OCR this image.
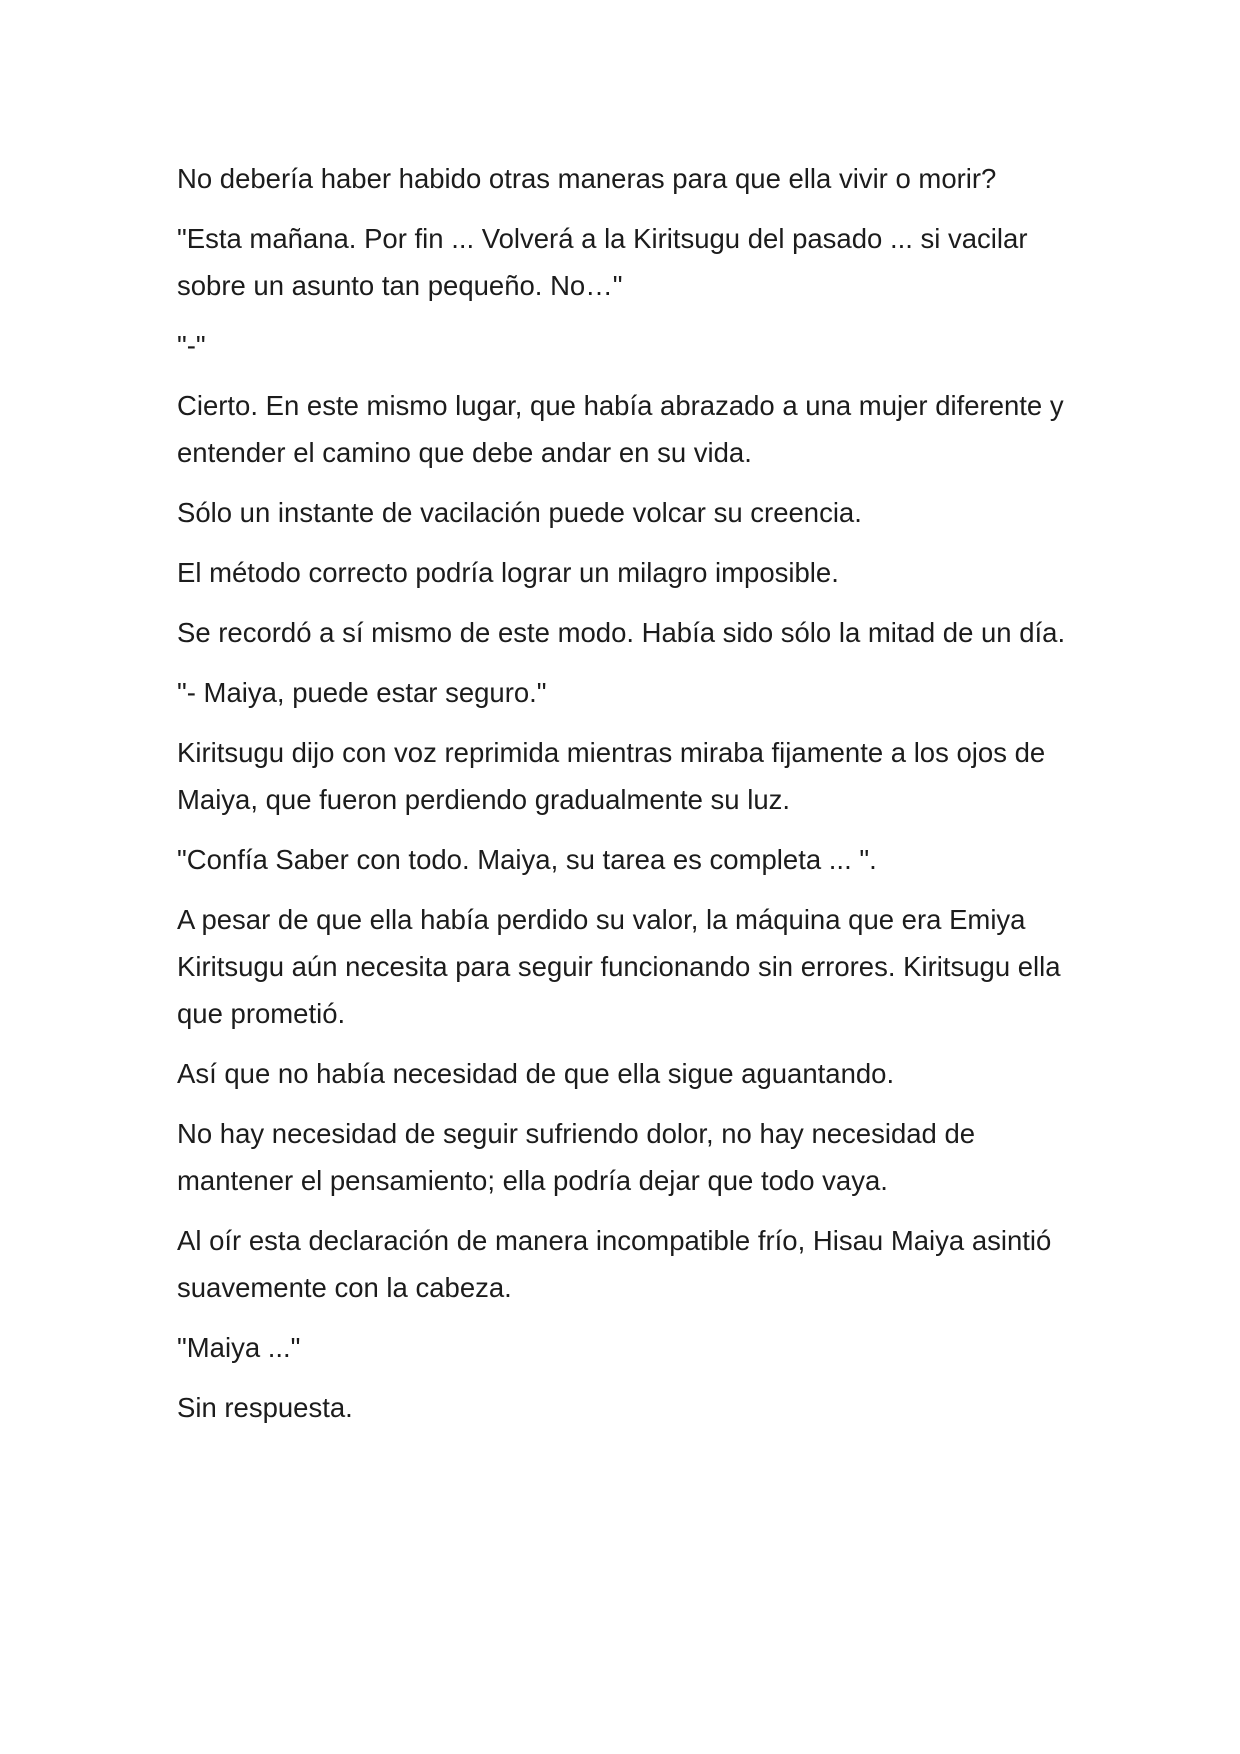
No debería haber habido otras maneras para que ella vivir o morir?

"Esta mañana. Por fin ... Volverá a la Kiritsugu del pasado ... si vacilar sobre un asunto tan pequeño. No…"

"-"

Cierto. En este mismo lugar, que había abrazado a una mujer diferente y entender el camino que debe andar en su vida.

Sólo un instante de vacilación puede volcar su creencia.

El método correcto podría lograr un milagro imposible.

Se recordó a sí mismo de este modo. Había sido sólo la mitad de un día.

"- Maiya, puede estar seguro."

Kiritsugu dijo con voz reprimida mientras miraba fijamente a los ojos de Maiya, que fueron perdiendo gradualmente su luz.

"Confía Saber con todo. Maiya, su tarea es completa ... ".

A pesar de que ella había perdido su valor, la máquina que era Emiya Kiritsugu aún necesita para seguir funcionando sin errores. Kiritsugu ella que prometió.

Así que no había necesidad de que ella sigue aguantando.

No hay necesidad de seguir sufriendo dolor, no hay necesidad de mantener el pensamiento; ella podría dejar que todo vaya.

Al oír esta declaración de manera incompatible frío, Hisau Maiya asintió suavemente con la cabeza.

"Maiya ..."

Sin respuesta.
